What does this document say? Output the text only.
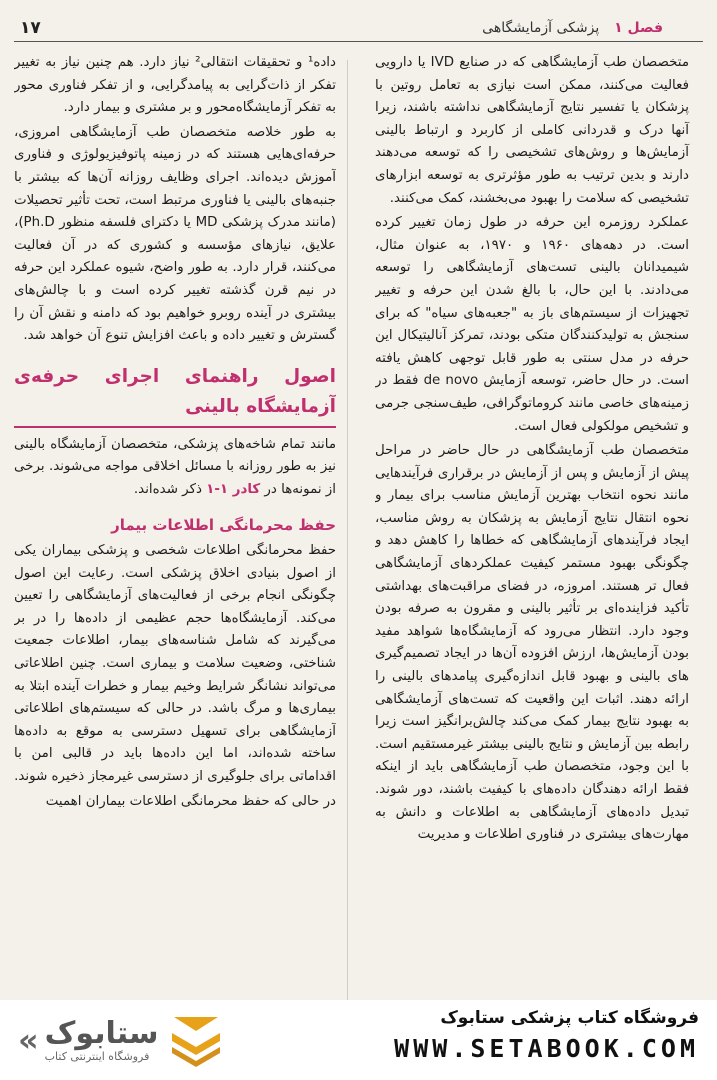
فصل ۱ پزشکی آزمایشگاهی
۱۷

متخصصان طب آزمایشگاهی که در صنایع IVD یا دارویی فعالیت می‌کنند، ممکن است نیازی به تعامل روتین با پزشکان یا تفسیر نتایج آزمایشگاهی نداشته باشند، زیرا آنها درک و قدردانی کاملی از کاربرد و ارتباط بالینی آزمایش‌ها و روش‌های تشخیصی را که توسعه می‌دهند دارند و بدین ترتیب به طور مؤثرتری به توسعه ابزارهای تشخیصی که سلامت را بهبود می‌بخشند، کمک می‌کنند.

عملکرد روزمره این حرفه در طول زمان تغییر کرده است. در دهه‌های ۱۹۶۰ و ۱۹۷۰، به عنوان مثال، شیمیدانان بالینی تست‌های آزمایشگاهی را توسعه می‌دادند. با این حال، با بالغ شدن این حرفه و تغییر تجهیزات از سیستم‌های باز به "جعبه‌های سیاه" که برای سنجش به تولیدکنندگان متکی بودند، تمرکز آنالیتیکال این حرفه در مدل سنتی به طور قابل توجهی کاهش یافته است. در حال حاضر، توسعه آزمایش de novo فقط در زمینه‌های خاصی مانند کروماتوگرافی، طیف‌سنجی جرمی و تشخیص مولکولی فعال است.

متخصصان طب آزمایشگاهی در حال حاضر در مراحل پیش از آزمایش و پس از آزمایش در برقراری فرآیندهایی مانند نحوه انتخاب بهترین آزمایش مناسب برای بیمار و نحوه انتقال نتایج آزمایش به پزشکان به روش مناسب، ایجاد فرآیندهای آزمایشگاهی که خطاها را کاهش دهد و چگونگی بهبود مستمر کیفیت عملکردهای آزمایشگاهی فعال تر هستند. امروزه، در فضای مراقبت‌های بهداشتی تأکید فزاینده‌ای بر تأثیر بالینی و مقرون به صرفه بودن وجود دارد. انتظار می‌رود که آزمایشگاه‌ها شواهد مفید بودن آزمایش‌ها، ارزش افزوده آن‌ها در ایجاد تصمیم‌گیری های بالینی و بهبود قابل اندازه‌گیری پیامدهای بالینی را ارائه دهند. اثبات این واقعیت که تست‌های آزمایشگاهی به بهبود نتایج بیمار کمک می‌کند چالش‌برانگیز است زیرا رابطه بین آزمایش و نتایج بالینی بیشتر غیرمستقیم است. با این وجود، متخصصان طب آزمایشگاهی باید از اینکه فقط ارائه دهندگان داده‌های با کیفیت باشند، دور شوند. تبدیل داده‌های آزمایشگاهی به اطلاعات و دانش به مهارت‌های بیشتری در فناوری اطلاعات و مدیریت

داده¹ و تحقیقات انتقالی² نیاز دارد. هم چنین نیاز به تغییر تفکر از ذات‌گرایی به پیامدگرایی، و از تفکر فناوری محور به تفکر آزمایشگاه‌محور و بر مشتری و بیمار دارد.

به طور خلاصه متخصصان طب آزمایشگاهی امروزی، حرفه‌ای‌هایی هستند که در زمینه پاتوفیزیولوژی و فناوری آموزش دیده‌اند. اجرای وظایف روزانه آن‌ها که بیشتر با جنبه‌های بالینی یا فناوری مرتبط است، تحت تأثیر تحصیلات (مانند مدرک پزشکی MD یا دکترای فلسفه منظور Ph.D)، علایق، نیازهای مؤسسه و کشوری که در آن فعالیت می‌کنند، قرار دارد. به طور واضح، شیوه عملکرد این حرفه در نیم قرن گذشته تغییر کرده است و با چالش‌های بیشتری در آینده روبرو خواهیم بود که دامنه و نقش آن را گسترش و تغییر داده و باعث افزایش تنوع آن خواهد شد.

اصول راهنمای اجرای حرفه‌ی آزمایشگاه بالینی

مانند تمام شاخه‌های پزشکی، متخصصان آزمایشگاه بالینی نیز به طور روزانه با مسائل اخلاقی مواجه می‌شوند. برخی از نمونه‌ها در کادر ۱-۱ ذکر شده‌اند.

حفظ محرمانگی اطلاعات بیمار

حفظ محرمانگی اطلاعات شخصی و پزشکی بیماران یکی از اصول بنیادی اخلاق پزشکی است. رعایت این اصول چگونگی انجام برخی از فعالیت‌های آزمایشگاهی را تعیین می‌کند. آزمایشگاه‌ها حجم عظیمی از داده‌ها را در بر می‌گیرند که شامل شناسه‌های بیمار، اطلاعات جمعیت شناختی، وضعیت سلامت و بیماری است. چنین اطلاعاتی می‌تواند نشانگر شرایط وخیم بیمار و خطرات آینده ابتلا به بیماری‌ها و مرگ باشد. در حالی که سیستم‌های اطلاعاتی آزمایشگاهی برای تسهیل دسترسی به موقع به داده‌ها ساخته شده‌اند، اما این داده‌ها باید در قالبی امن با اقداماتی برای جلوگیری از دسترسی غیرمجاز ذخیره شوند.

در حالی که حفظ محرمانگی اطلاعات بیماران اهمیت

« ستابوک
فروشگاه اینترنتی کتاب
فروشگاه کتاب پزشکی ستابوک
WWW.SETABOOK.COM
